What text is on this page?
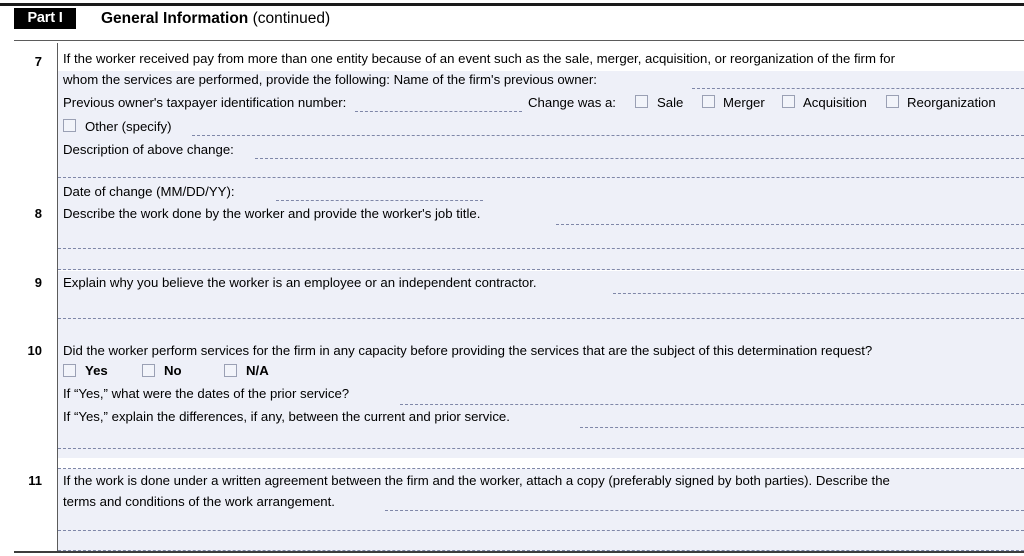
Part I	General Information (continued)
7 If the worker received pay from more than one entity because of an event such as the sale, merger, acquisition, or reorganization of the firm for
whom the services are performed, provide the following: Name of the firm's previous owner:
Previous owner's taxpayer identification number:	Change was a:	Sale	Merger	Acquisition	Reorganization
Other (specify)
Description of above change:
Date of change (MM/DD/YY):
8 Describe the work done by the worker and provide the worker's job title.
9 Explain why you believe the worker is an employee or an independent contractor.
10 Did the worker perform services for the firm in any capacity before providing the services that are the subject of this determination request?
Yes	No	N/A
If “Yes,” what were the dates of the prior service?
If “Yes,” explain the differences, if any, between the current and prior service.
11 If the work is done under a written agreement between the firm and the worker, attach a copy (preferably signed by both parties). Describe the
terms and conditions of the work arrangement.
